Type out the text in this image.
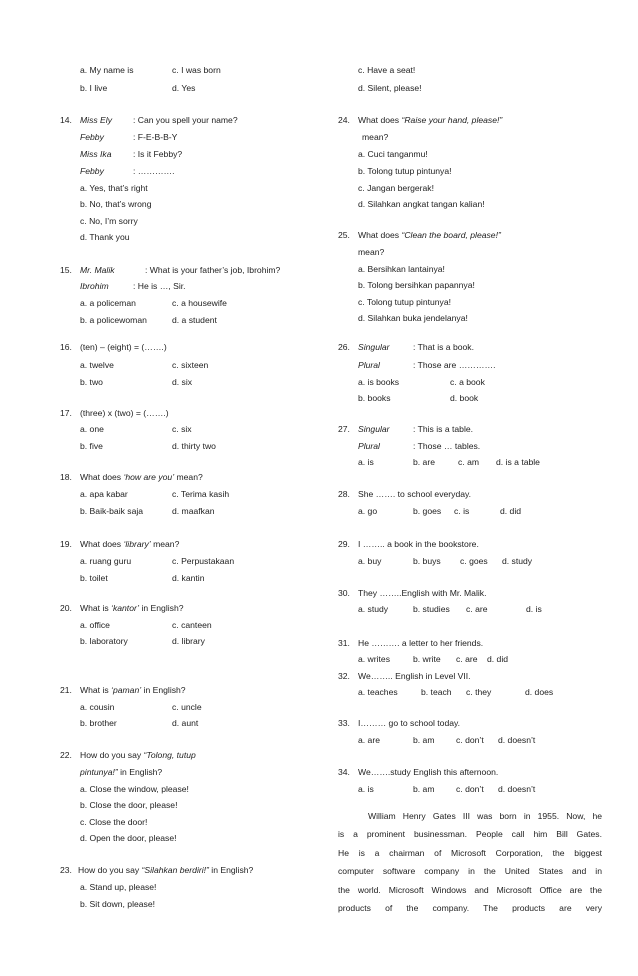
a. My name is	c. I was born
b. I live	d. Yes
14. Miss Ely : Can you spell your name?
Febby	: F-E-B-B-Y
Miss Ika : Is it Febby?
Febby	: ………….
a. Yes, that’s right
b. No, that’s wrong
c. No, I’m sorry
d. Thank you
15. Mr. Malik	: What is your father’s job, Ibrohim?
Ibrohim	: He is …, Sir.
a. a policeman	c. a housewife
b. a policewoman	d. a student
16. (ten) – (eight) = (…….)
a. twelve	c. sixteen
b. two	d. six
17. (three) x (two) = (…….)
a. one	c. six
b. five	d. thirty two
18. What does ‘how are you’ mean?
a. apa kabar	c. Terima kasih
b. Baik-baik saja	d. maafkan
19. What does ‘library’ mean?
a. ruang guru	c. Perpustakaan
b. toilet	d. kantin
20. What is ‘kantor’ in English?
a. office	c. canteen
b. laboratory	d. library
21. What is ‘paman’ in English?
a. cousin	c. uncle
b. brother	d. aunt
22. How do you say “Tolong, tutup
pintunya!” in English?
a. Close the window, please!
b. Close the door, please!
c. Close the door!
d. Open the door, please!
23. How do you say “Silahkan berdiri!” in English?
a. Stand up, please!
b. Sit down, please!
c. Have a seat!
d. Silent, please!
24. What does “Raise your hand, please!”
mean?
a. Cuci tanganmu!
b. Tolong tutup pintunya!
c. Jangan bergerak!
d. Silahkan angkat tangan kalian!
25. What does “Clean the board, please!”
mean?
a. Bersihkan lantainya!
b. Tolong bersihkan papannya!
c. Tolong tutup pintunya!
d. Silahkan buka jendelanya!
26. Singular	: That is a book.
Plural	: Those are ………….
a. is books	c. a book
b. books	d. book
27. Singular	: This is a table.
Plural	: Those … tables.
a. is	b. are	c. am d. is a table
28. She ……. to school everyday.
a. go	b. goes c. is	d. did
29. I …….. a book in the bookstore.
a. buy	b. buys c. goes d. study
30. They ……..English with Mr. Malik.
a. study	b. studies c. are	d. is
31. He ………. a letter to her friends.
a. writes	b. write c. are d. did
32. We…….. English in Level VII.
a. teaches	b. teach c. they	d. does
33. I……… go to school today.
a. are	b. am	c. don’t d. doesn’t
34. We…….study English this afternoon.
a. is	b. am	c. don’t d. doesn’t
William Henry Gates III was born in 1955. Now, he
is a prominent businessman. People call him Bill Gates.
He is a chairman of Microsoft Corporation, the biggest
computer software company in the United States and in
the world. Microsoft Windows and Microsoft Office are the
products of the company. The products are very
